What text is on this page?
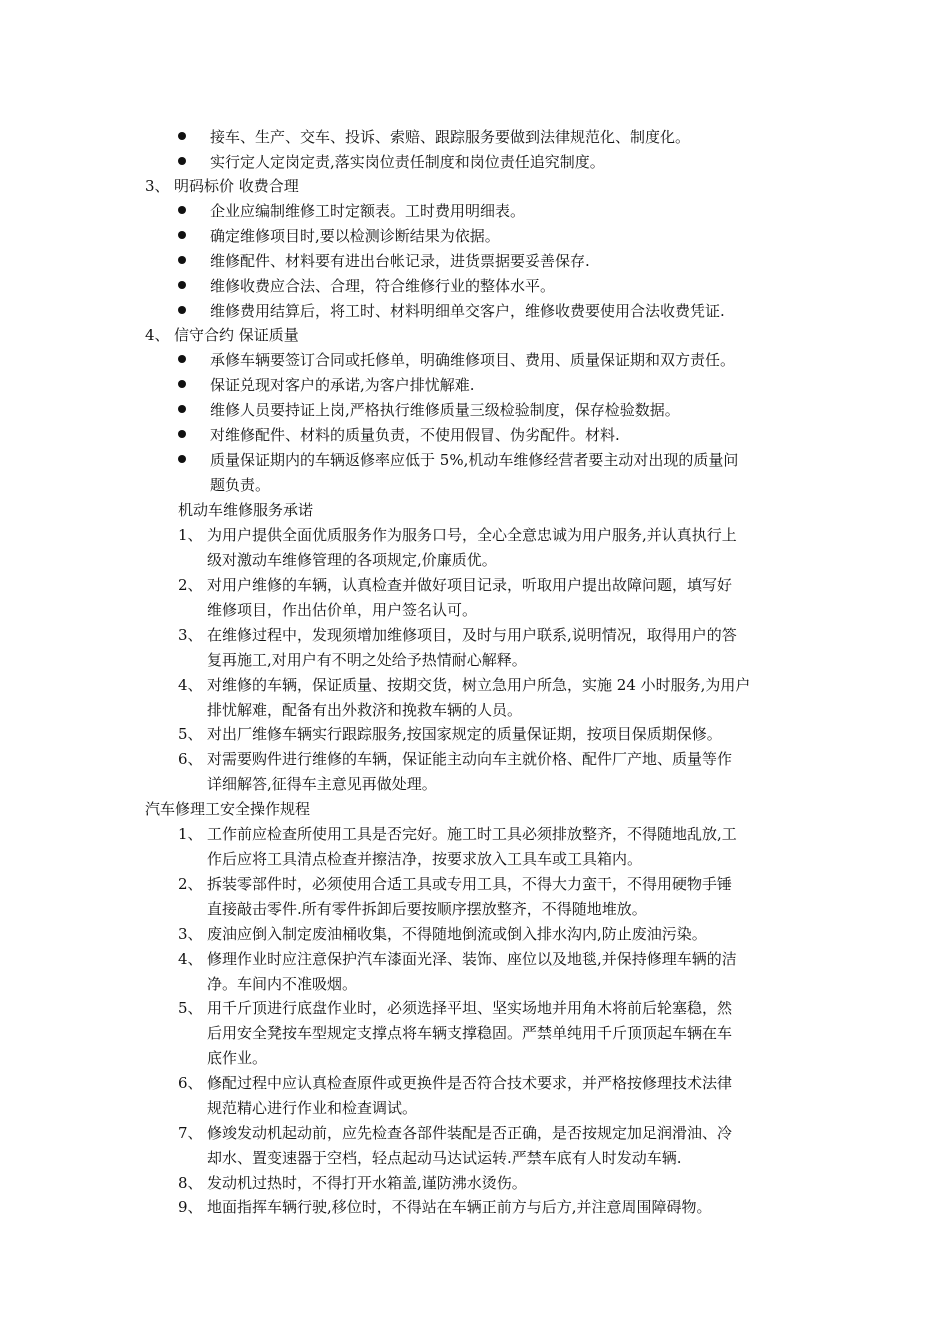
接车、生产、交车、投诉、索赔、跟踪服务要做到法律规范化、制度化。
实行定人定岗定责,落实岗位责任制度和岗位责任追究制度。
3、 明码标价 收费合理
企业应编制维修工时定额表。工时费用明细表。
确定维修项目时,要以检测诊断结果为依据。
维修配件、材料要有进出台帐记录，进货票据要妥善保存.
维修收费应合法、合理，符合维修行业的整体水平。
维修费用结算后，将工时、材料明细单交客户，维修收费要使用合法收费凭证.
4、 信守合约 保证质量
承修车辆要签订合同或托修单，明确维修项目、费用、质量保证期和双方责任。
保证兑现对客户的承诺,为客户排忧解难.
维修人员要持证上岗,严格执行维修质量三级检验制度，保存检验数据。
对维修配件、材料的质量负责，不使用假冒、伪劣配件。材料.
质量保证期内的车辆返修率应低于 5%,机动车维修经营者要主动对出现的质量问
题负责。
机动车维修服务承诺
1、 为用户提供全面优质服务作为服务口号，全心全意忠诚为用户服务,并认真执行上
级对激动车维修管理的各项规定,价廉质优。
2、 对用户维修的车辆，认真检查并做好项目记录，听取用户提出故障问题，填写好
维修项目，作出估价单，用户签名认可。
3、 在维修过程中，发现须增加维修项目，及时与用户联系,说明情况，取得用户的答
复再施工,对用户有不明之处给予热情耐心解释。
4、 对维修的车辆，保证质量、按期交货，树立急用户所急，实施 24 小时服务,为用户
排忧解难，配备有出外救济和挽救车辆的人员。
5、 对出厂维修车辆实行跟踪服务,按国家规定的质量保证期，按项目保质期保修。
6、 对需要购件进行维修的车辆，保证能主动向车主就价格、配件厂产地、质量等作
详细解答,征得车主意见再做处理。
汽车修理工安全操作规程
1、 工作前应检查所使用工具是否完好。施工时工具必须排放整齐，不得随地乱放,工
作后应将工具清点检查并擦洁净，按要求放入工具车或工具箱内。
2、 拆装零部件时，必须使用合适工具或专用工具，不得大力蛮干，不得用硬物手锤
直接敲击零件.所有零件拆卸后要按顺序摆放整齐，不得随地堆放。
3、 废油应倒入制定废油桶收集，不得随地倒流或倒入排水沟内,防止废油污染。
4、 修理作业时应注意保护汽车漆面光泽、装饰、座位以及地毯,并保持修理车辆的洁
净。车间内不准吸烟。
5、 用千斤顶进行底盘作业时，必须选择平坦、坚实场地并用角木将前后轮塞稳，然
后用安全凳按车型规定支撑点将车辆支撑稳固。严禁单纯用千斤顶顶起车辆在车
底作业。
6、 修配过程中应认真检查原件或更换件是否符合技术要求，并严格按修理技术法律
规范精心进行作业和检查调试。
7、 修竣发动机起动前，应先检查各部件装配是否正确，是否按规定加足润滑油、冷
却水、置变速器于空档，轻点起动马达试运转.严禁车底有人时发动车辆.
8、 发动机过热时，不得打开水箱盖,谨防沸水烫伤。
9、 地面指挥车辆行驶,移位时，不得站在车辆正前方与后方,并注意周围障碍物。
